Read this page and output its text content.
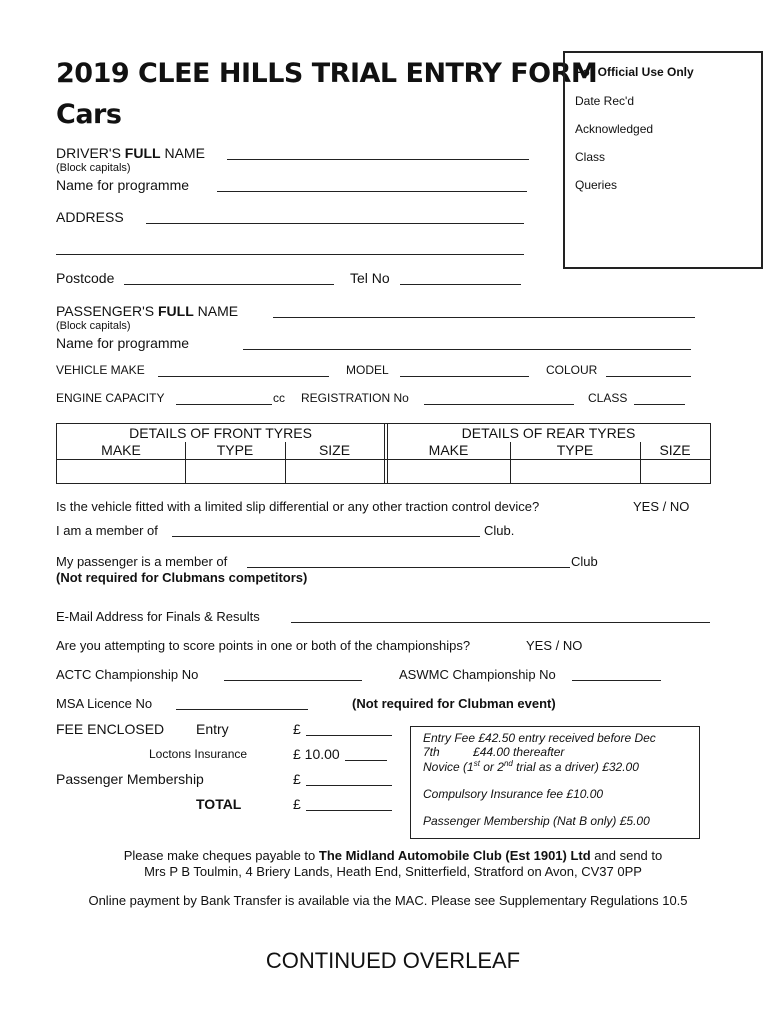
2019 CLEE HILLS TRIAL ENTRY FORM
Cars
For Official Use Only
Date Rec'd
Acknowledged
Class
Queries
DRIVER'S FULL NAME
(Block capitals)
Name for programme
ADDRESS
Postcode	Tel No
PASSENGER'S FULL NAME
(Block capitals)
Name for programme
VEHICLE MAKE	MODEL	COLOUR
ENGINE CAPACITY	cc REGISTRATION No	CLASS
DETAILS OF FRONT TYRES	DETAILS OF REAR TYRES
MAKE	TYPE	SIZE	MAKE	TYPE	SIZE
Is the vehicle fitted with a limited slip differential or any other traction control device?	YES / NO
I am a member of	Club.
My passenger is a member of	Club
(Not required for Clubmans competitors)
E-Mail Address for Finals & Results
Are you attempting to score points in one or both of the championships?	YES / NO
ACTC Championship No	ASWMC Championship No
MSA Licence No	(Not required for Clubman event)
FEE ENCLOSED Entry	£
Loctons Insurance	£ 10.00
Passenger Membership	£
TOTAL	£
Entry Fee £42.50 entry received before Dec
7th          £44.00 thereafter
Novice (1st or 2nd trial as a driver) £32.00
Compulsory Insurance fee £10.00
Passenger Membership (Nat B only) £5.00
Please make cheques payable to The Midland Automobile Club (Est 1901) Ltd and send to
Mrs P B Toulmin, 4 Briery Lands, Heath End, Snitterfield, Stratford on Avon, CV37 0PP
Online payment by Bank Transfer is available via the MAC. Please see Supplementary Regulations 10.5
CONTINUED OVERLEAF
